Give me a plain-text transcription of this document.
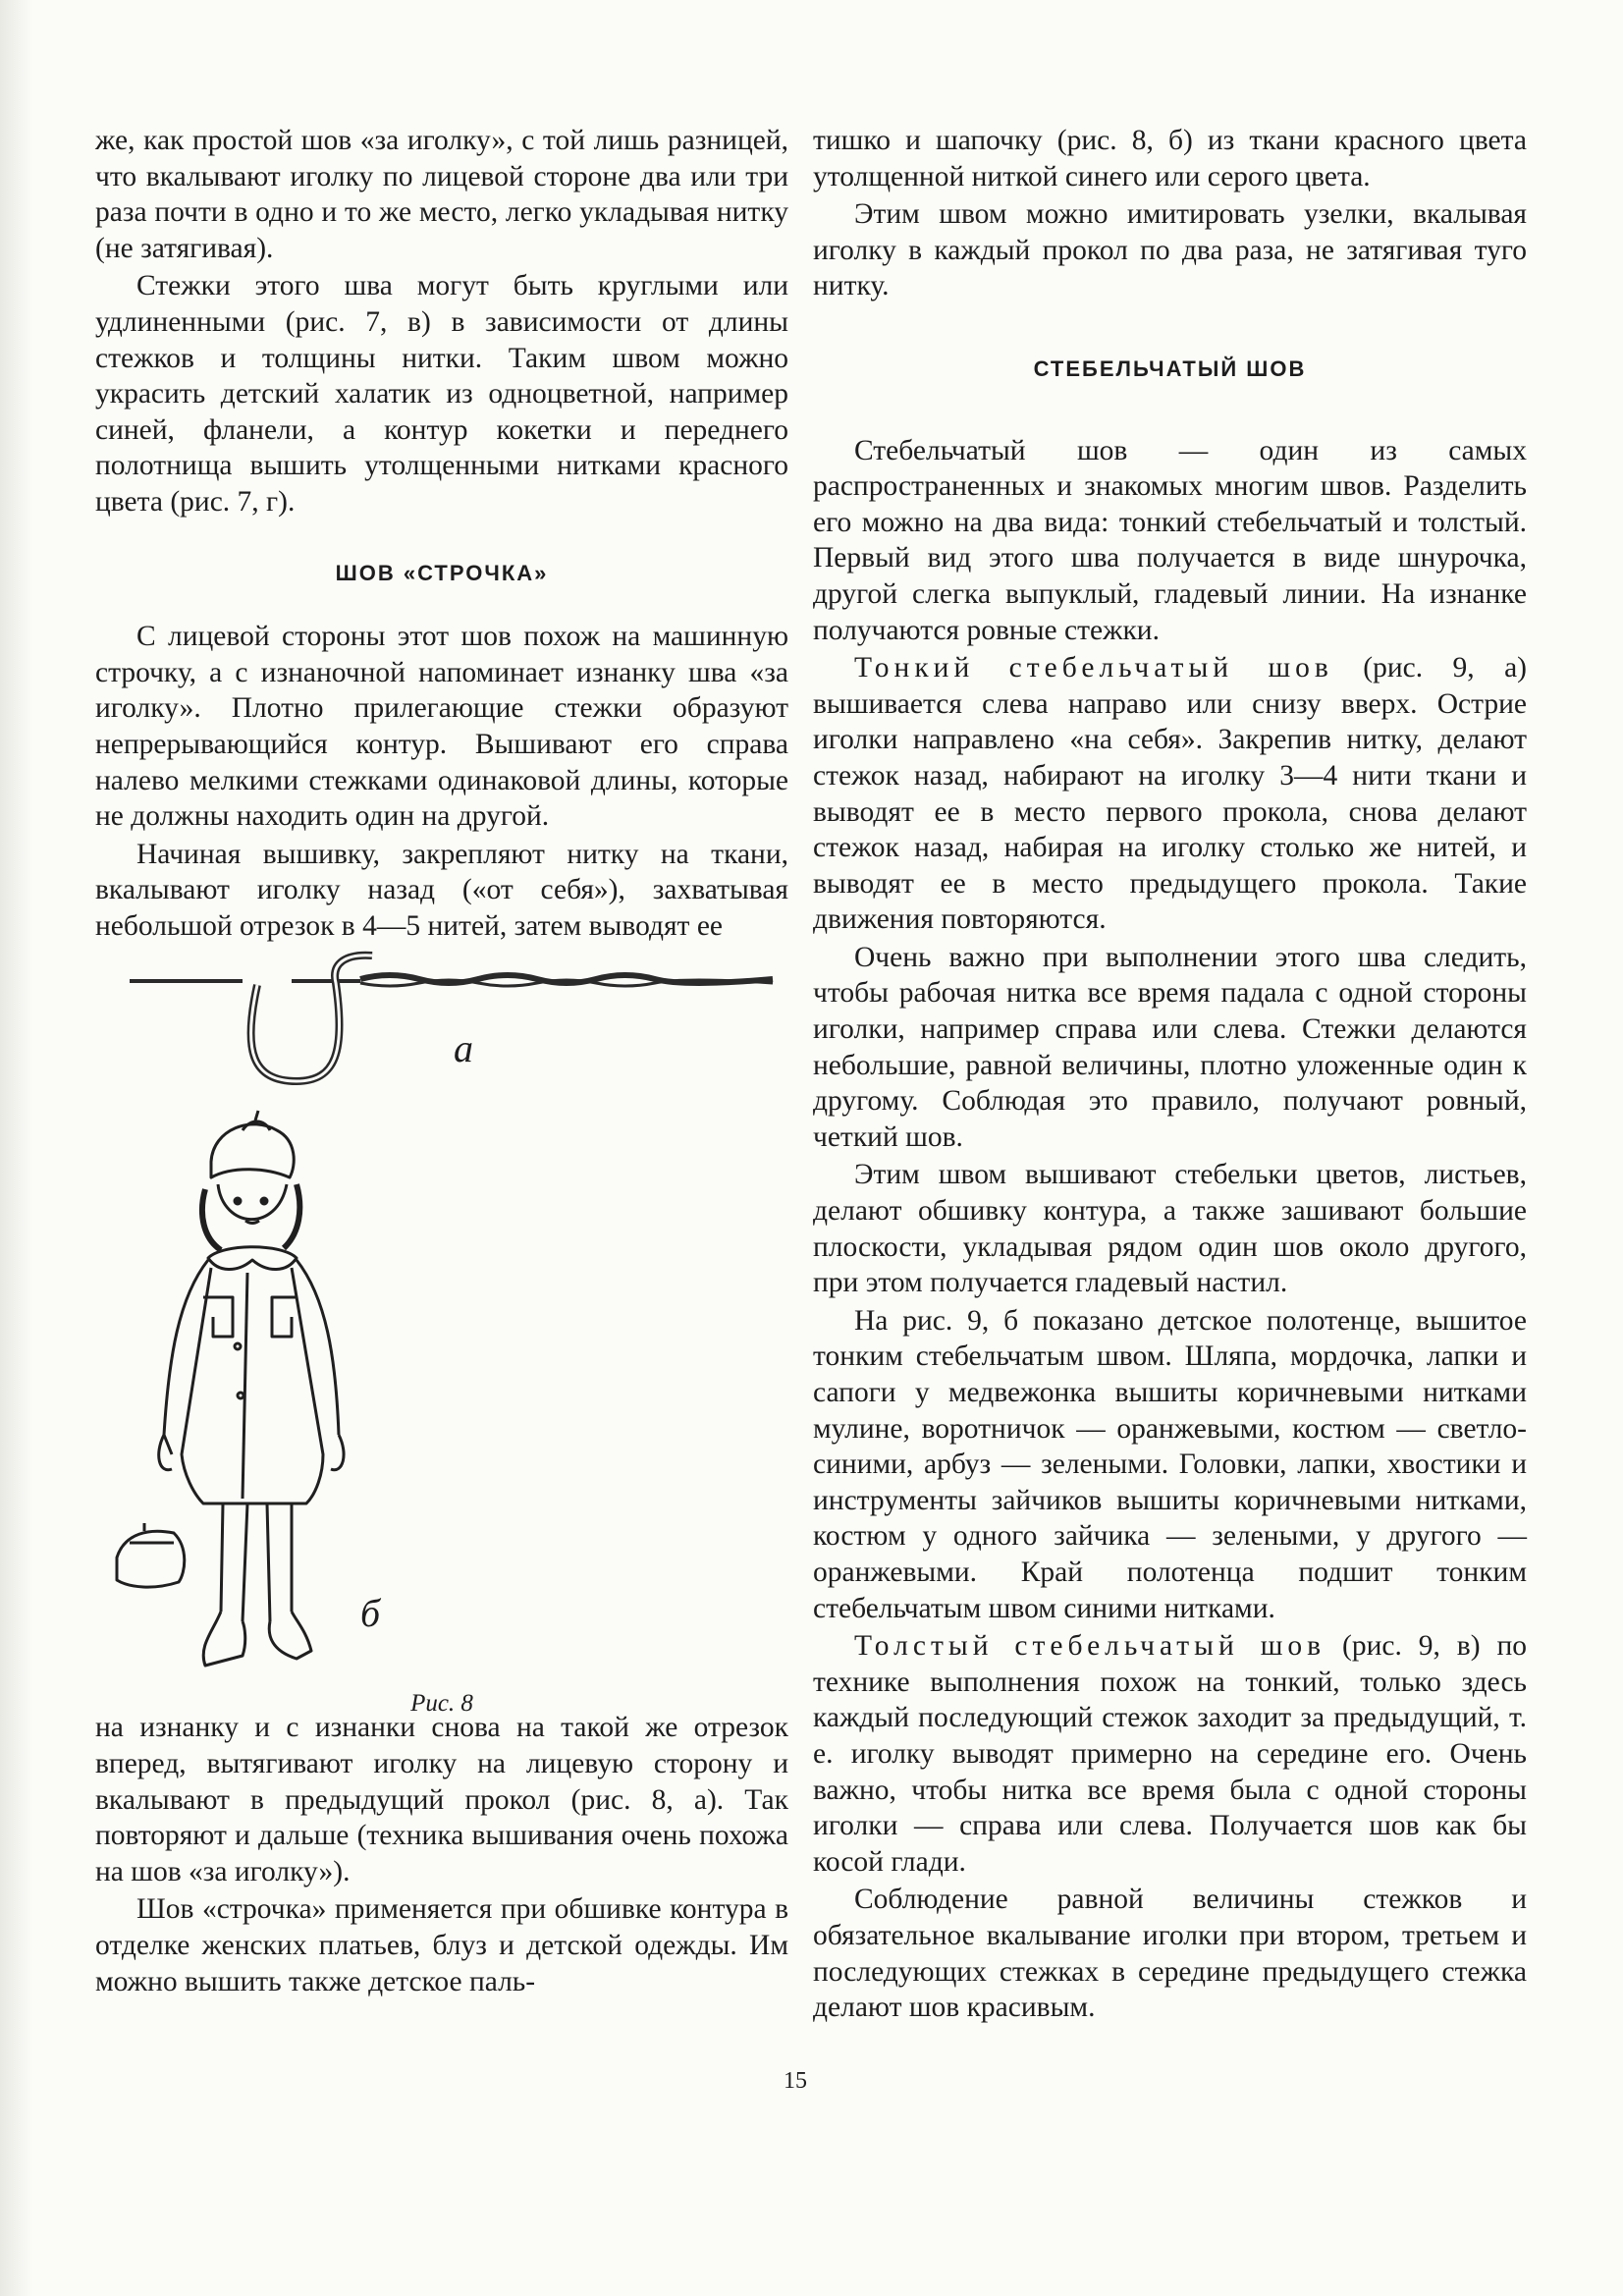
же, как простой шов «за иголку», с той лишь разницей, что вкалывают иголку по лицевой стороне два или три раза почти в одно и то же место, легко укладывая нитку (не затягивая).

Стежки этого шва могут быть круглыми или удлиненными (рис. 7, в) в зависимости от длины стежков и толщины нитки. Таким швом можно украсить детский халатик из одноцветной, например синей, фланели, а контур кокетки и переднего полотнища вышить утолщенными нитками красного цвета (рис. 7, г).

ШОВ «СТРОЧКА»

С лицевой стороны этот шов похож на машинную строчку, а с изнаночной напоминает изнанку шва «за иголку». Плотно прилегающие стежки образуют непрерывающийся контур. Вышивают его справа налево мелкими стежками одинаковой длины, которые не должны находить один на другой.

Начиная вышивку, закрепляют нитку на ткани, вкалывают иголку назад («от себя»), захватывая небольшой отрезок в 4—5 нитей, затем выводят ее

а
б
Рис. 8

на изнанку и с изнанки снова на такой же отрезок вперед, вытягивают иголку на лицевую сторону и вкалывают в предыдущий прокол (рис. 8, а). Так повторяют и дальше (техника вышивания очень похожа на шов «за иголку»).

Шов «строчка» применяется при обшивке контура в отделке женских платьев, блуз и детской одежды. Им можно вышить также детское паль-

тишко и шапочку (рис. 8, б) из ткани красного цвета утолщенной ниткой синего или серого цвета.

Этим швом можно имитировать узелки, вкалывая иголку в каждый прокол по два раза, не затягивая туго нитку.

СТЕБЕЛЬЧАТЫЙ ШОВ

Стебельчатый шов — один из самых распространенных и знакомых многим швов. Разделить его можно на два вида: тонкий стебельчатый и толстый. Первый вид этого шва получается в виде шнурочка, другой слегка выпуклый, гладевый линии. На изнанке получаются ровные стежки.

Тонкий стебельчатый шов (рис. 9, а) вышивается слева направо или снизу вверх. Острие иголки направлено «на себя». Закрепив нитку, делают стежок назад, набирают на иголку 3—4 нити ткани и выводят ее в место первого прокола, снова делают стежок назад, набирая на иголку столько же нитей, и выводят ее в место предыдущего прокола. Такие движения повторяются.

Очень важно при выполнении этого шва следить, чтобы рабочая нитка все время падала с одной стороны иголки, например справа или слева. Стежки делаются небольшие, равной величины, плотно уложенные один к другому. Соблюдая это правило, получают ровный, четкий шов.

Этим швом вышивают стебельки цветов, листьев, делают обшивку контура, а также зашивают большие плоскости, укладывая рядом один шов около другого, при этом получается гладевый настил.

На рис. 9, б показано детское полотенце, вышитое тонким стебельчатым швом. Шляпа, мордочка, лапки и сапоги у медвежонка вышиты коричневыми нитками мулине, воротничок — оранжевыми, костюм — светло-синими, арбуз — зелеными. Головки, лапки, хвостики и инструменты зайчиков вышиты коричневыми нитками, костюм у одного зайчика — зелеными, у другого — оранжевыми. Край полотенца подшит тонким стебельчатым швом синими нитками.

Толстый стебельчатый шов (рис. 9, в) по технике выполнения похож на тонкий, только здесь каждый последующий стежок заходит за предыдущий, т. е. иголку выводят примерно на середине его. Очень важно, чтобы нитка все время была с одной стороны иголки — справа или слева. Получается шов как бы косой глади.

Соблюдение равной величины стежков и обязательное вкалывание иголки при втором, третьем и последующих стежках в середине предыдущего стежка делают шов красивым.

15
